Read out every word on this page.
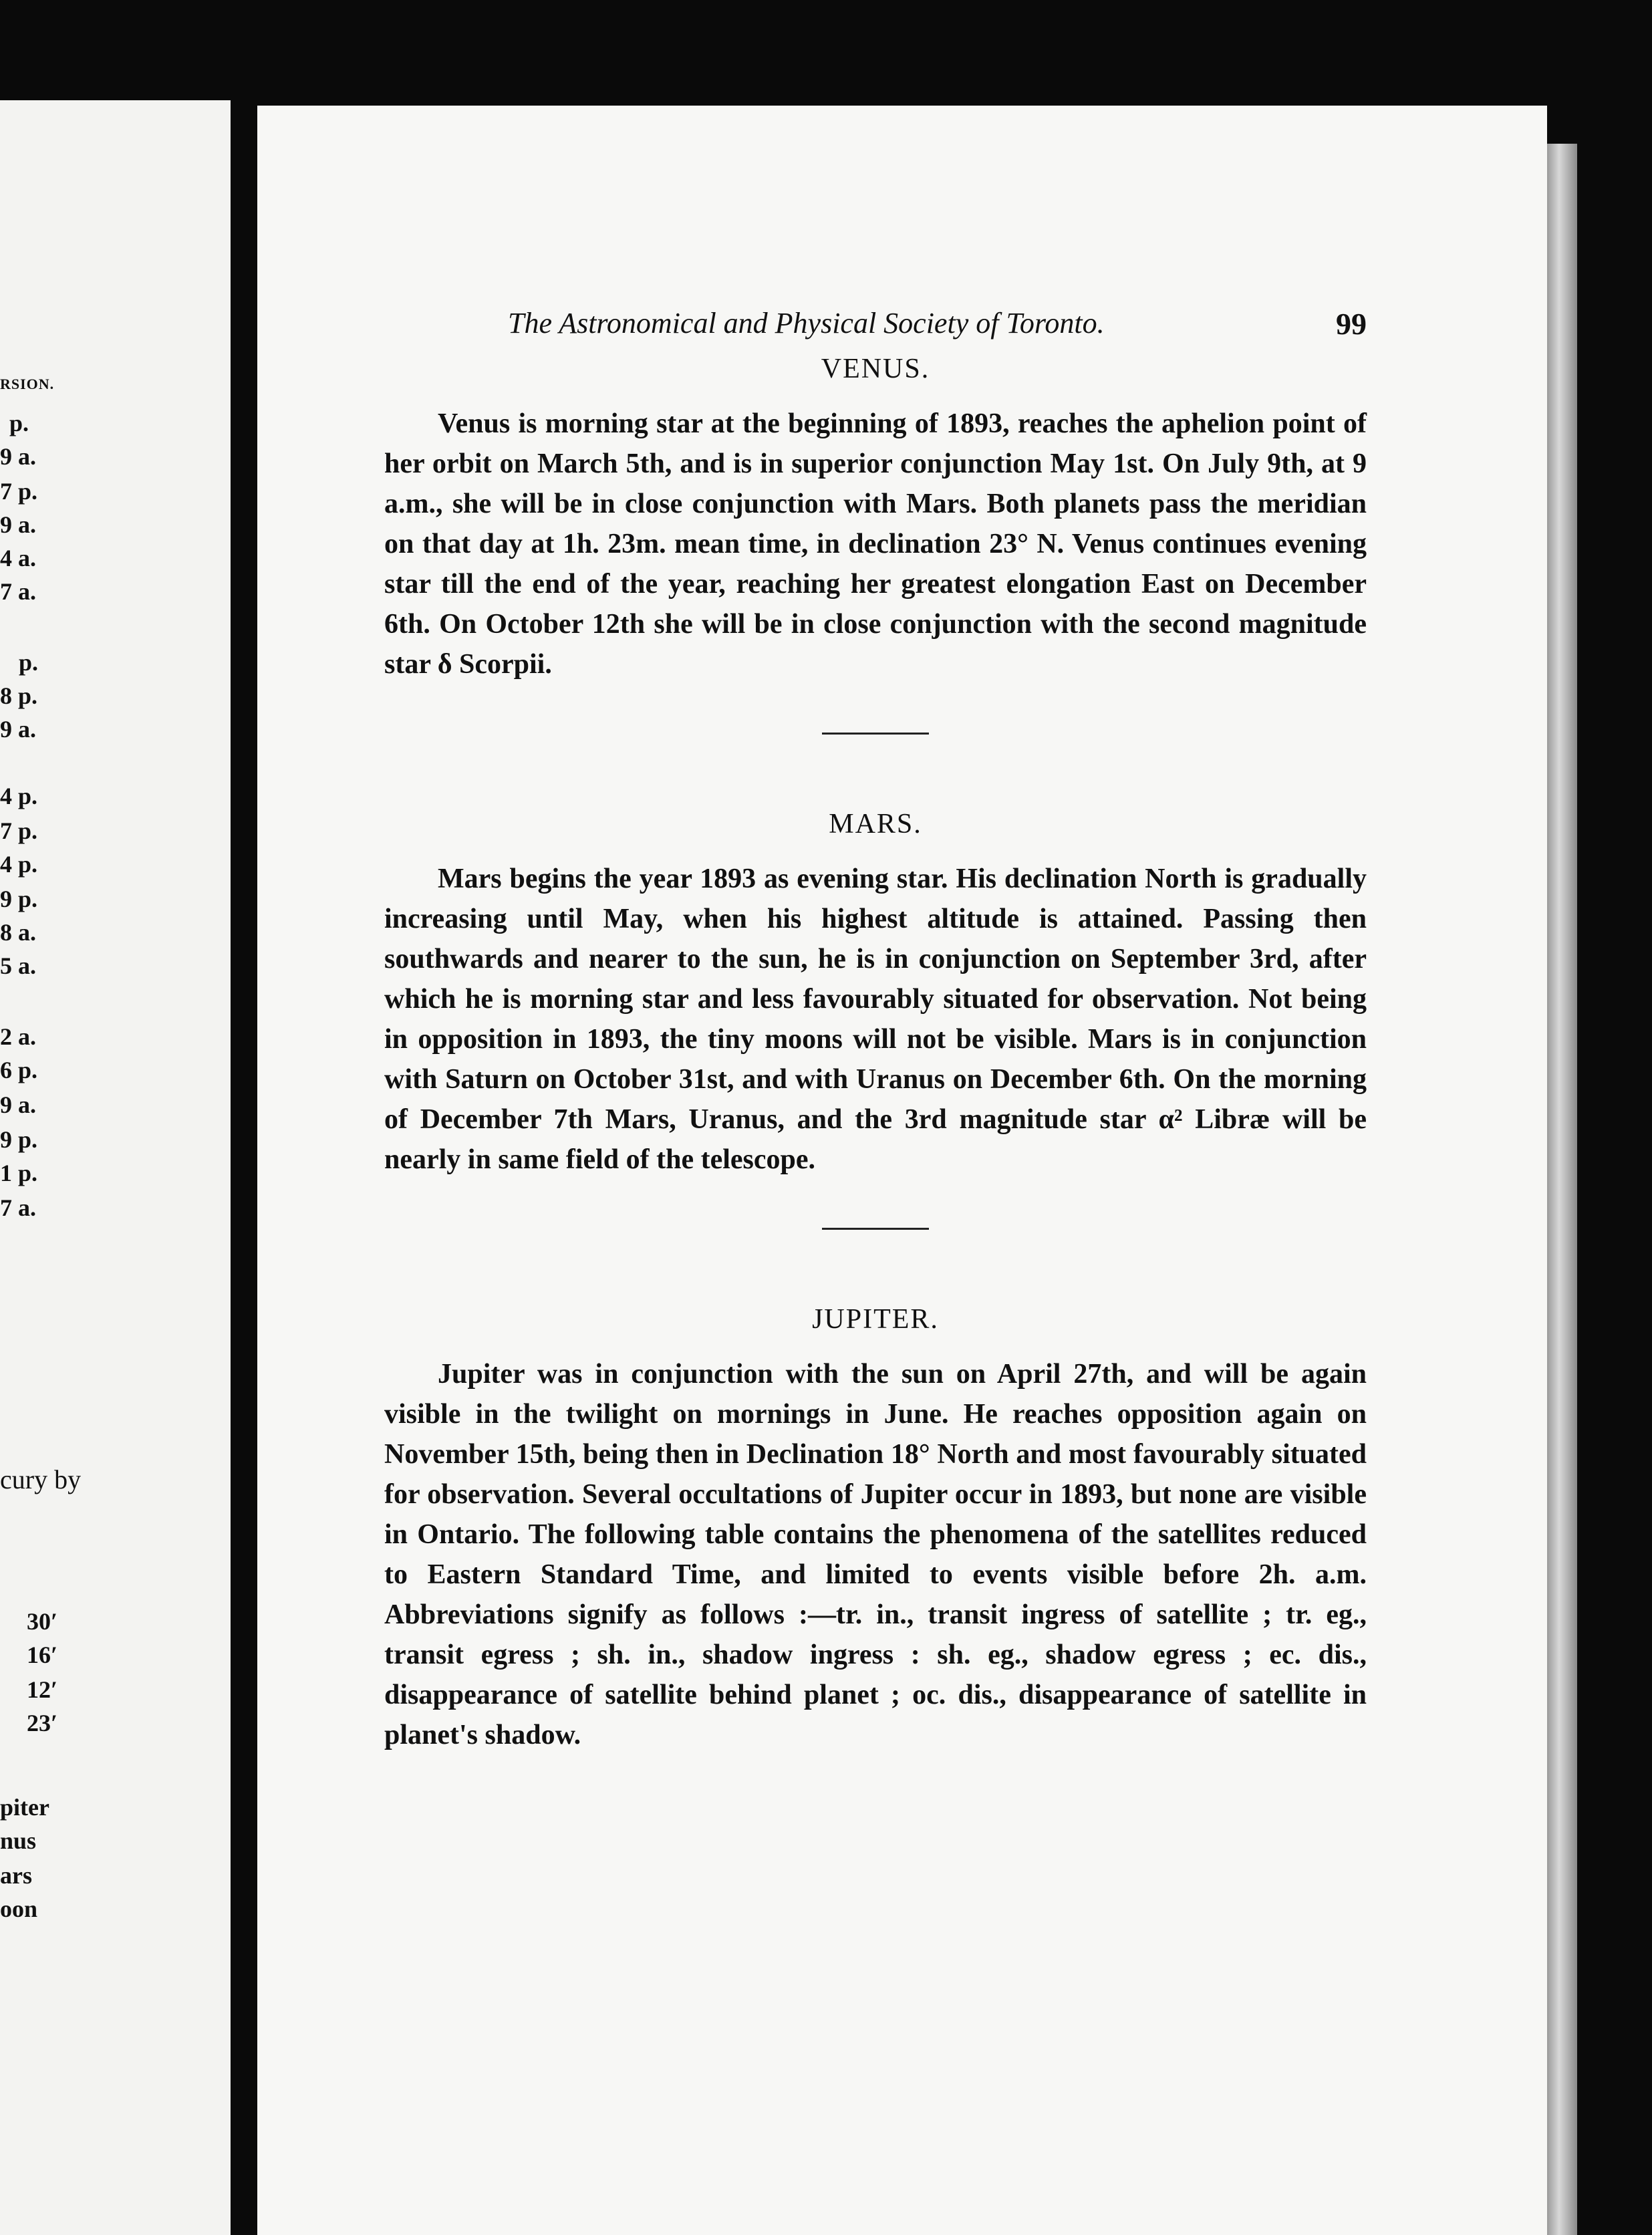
RSION.
p.
9 a.
7 p.
9 a.
4 a.
7 a.
p.
8 p.
9 a.
4 p.
7 p.
4 p.
9 p.
8 a.
5 a.
2 a.
6 p.
9 a.
9 p.
1 p.
7 a.
cury by
30′
16′
12′
23′
piter
nus
ars
oon
The Astronomical and Physical Society of Toronto.	99
VENUS.

Venus is morning star at the beginning of 1893, reaches the aphelion point of her orbit on March 5th, and is in superior conjunction May 1st. On July 9th, at 9 a.m., she will be in close conjunction with Mars. Both planets pass the meridian on that day at 1h. 23m. mean time, in declination 23° N. Venus continues evening star till the end of the year, reaching her greatest elongation East on December 6th. On October 12th she will be in close conjunction with the second magnitude star δ Scorpii.

MARS.

Mars begins the year 1893 as evening star. His declination North is gradually increasing until May, when his highest altitude is attained. Passing then southwards and nearer to the sun, he is in conjunction on September 3rd, after which he is morning star and less favourably situated for observation. Not being in opposition in 1893, the tiny moons will not be visible. Mars is in conjunction with Saturn on October 31st, and with Uranus on December 6th. On the morning of December 7th Mars, Uranus, and the 3rd magnitude star α² Libræ will be nearly in same field of the telescope.

JUPITER.

Jupiter was in conjunction with the sun on April 27th, and will be again visible in the twilight on mornings in June. He reaches opposition again on November 15th, being then in Declination 18° North and most favourably situated for observation. Several occultations of Jupiter occur in 1893, but none are visible in Ontario. The following table contains the phenomena of the satellites reduced to Eastern Standard Time, and limited to events visible before 2h. a.m. Abbreviations signify as follows :—tr. in., transit ingress of satellite ; tr. eg., transit egress ; sh. in., shadow ingress : sh. eg., shadow egress ; ec. dis., disappearance of satellite behind planet ; oc. dis., disappearance of satellite in planet's shadow.
